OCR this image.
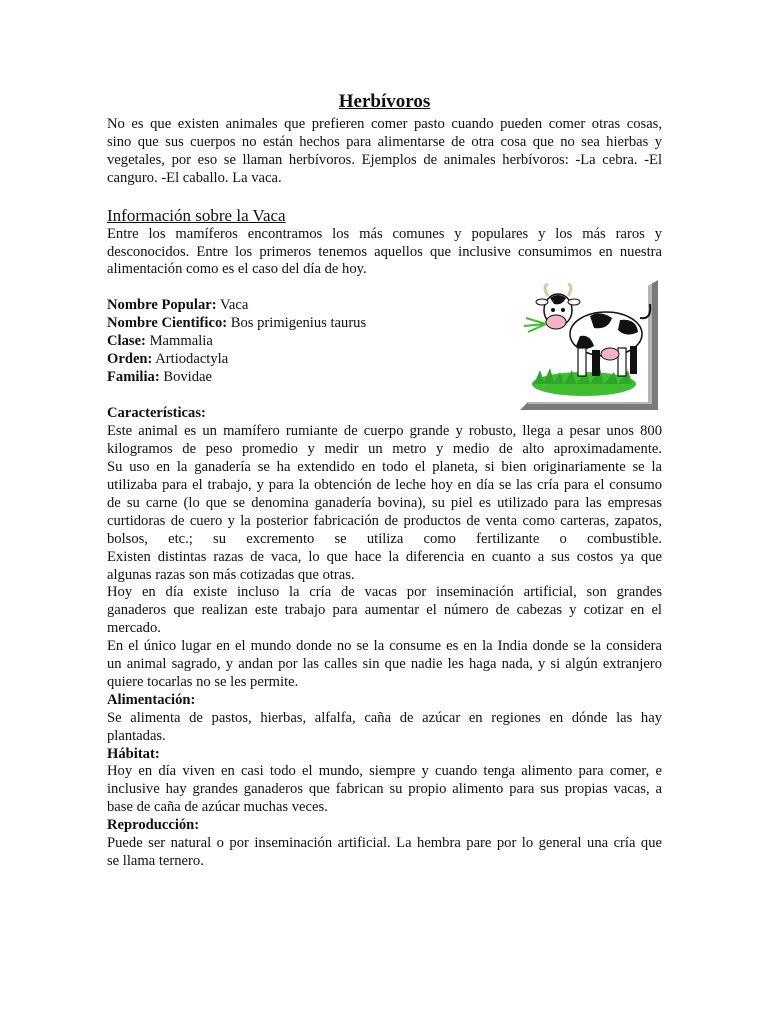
Herbívoros

No es que existen animales que prefieren comer pasto cuando pueden comer otras cosas,

sino que sus cuerpos no están hechos para alimentarse de otra cosa que no sea hierbas y

vegetales, por eso se llaman herbívoros. Ejemplos de animales herbívoros: -La cebra. -El

canguro. -El caballo. La vaca.

Información sobre la Vaca

Entre los mamíferos encontramos los más comunes y populares y los más raros y

desconocidos. Entre los primeros tenemos aquellos que inclusive consumimos en nuestra

alimentación como es el caso del día de hoy.

Nombre Popular: Vaca
Nombre Cientifico: Bos primigenius taurus
Clase: Mammalia
Orden: Artiodactyla
Familia: Bovidae

Características:

Este animal es un mamífero rumiante de cuerpo grande y robusto, llega a pesar unos 800

kilogramos de peso promedio y medir un metro y medio de alto aproximadamente.

Su uso en la ganadería se ha extendido en todo el planeta, si bien originariamente se la

utilizaba para el trabajo, y para la obtención de leche hoy en día se las cría para el consumo

de su carne (lo que se denomina ganadería bovina), su piel es utilizado para las empresas

curtidoras de cuero y la posterior fabricación de productos de venta como carteras, zapatos,

bolsos,     etc.;     su     excremento     se     utiliza     como     fertilizante     o     combustible.

Existen distintas razas de vaca, lo que hace la diferencia en cuanto a sus costos ya que

algunas razas son más cotizadas que otras.

Hoy en día existe incluso la cría de vacas por inseminación artificial, son grandes

ganaderos que realizan este trabajo para aumentar el número de cabezas y cotizar en el

mercado.

En el único lugar en el mundo donde no se la consume es en la India donde se la considera

un animal sagrado, y andan por las calles sin que nadie les haga nada, y si algún extranjero

quiere tocarlas no se les permite.

Alimentación:

Se alimenta de pastos, hierbas, alfalfa, caña de azúcar en regiones en dónde las hay

plantadas.

Hábitat:

Hoy en día viven en casi todo el mundo, siempre y cuando tenga alimento para comer, e

inclusive hay grandes ganaderos que fabrican su propio alimento para sus propias vacas, a

base de caña de azúcar muchas veces.

Reproducción:

Puede ser natural o por inseminación artificial. La hembra pare por lo general una cría que

se llama ternero.
